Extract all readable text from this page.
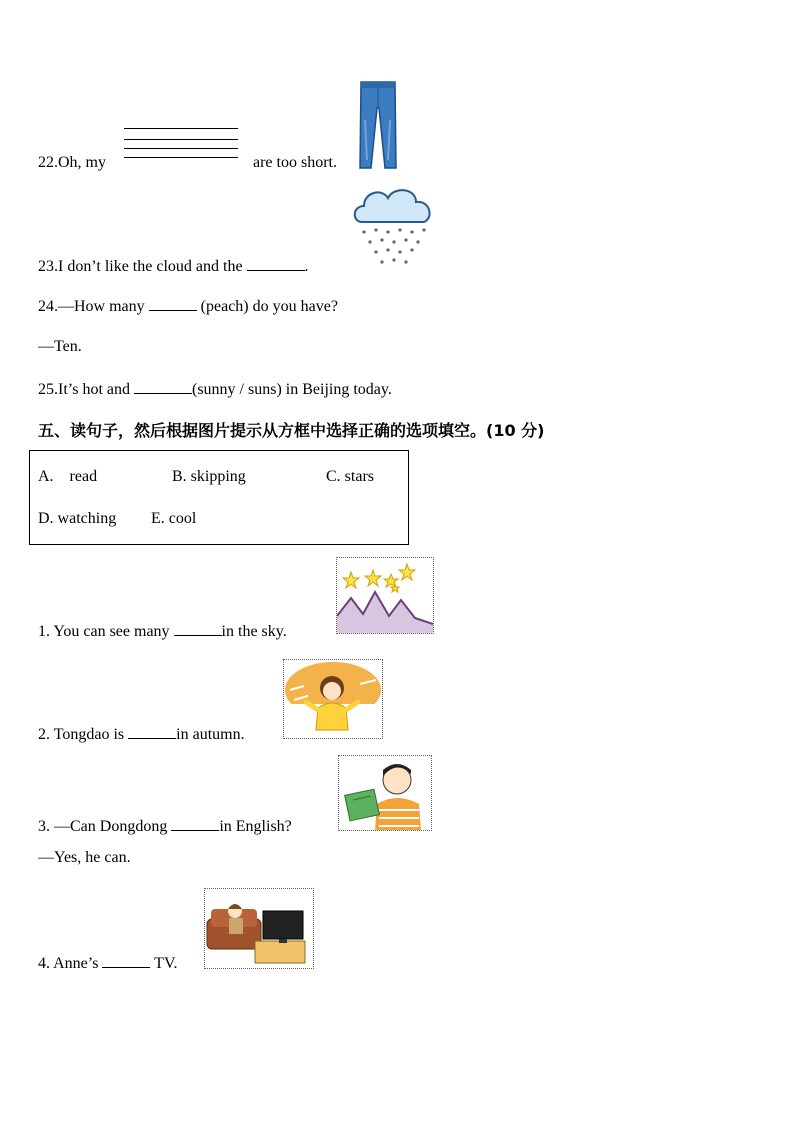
22.Oh, my	are too short.
23.I don’t like the cloud and the	.
24.—How many	(peach) do you have?
—Ten.
25.It’s hot and	(sunny / suns) in Beijing today.
五、读句子，然后根据图片提示从方框中选择正确的选项填空。(10 分)
A.    read	B. skipping	C. stars
D. watching E. cool
1. You can see many	in the sky.
2. Tongdao is	in autumn.
3. —Can Dongdong	in English?
—Yes, he can.
4. Anne’s	TV.
